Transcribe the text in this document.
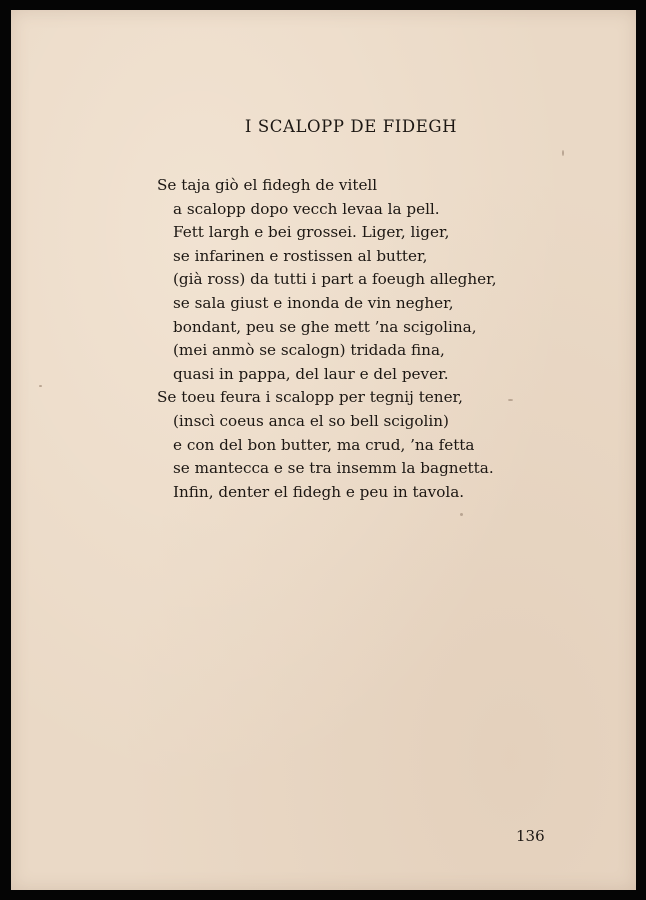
I SCALOPP DE FIDEGH
Se taja giò el fidegh de vitell
a scalopp dopo vecch levaa la pell.
Fett largh e bei grossei. Liger, liger,
se infarinen e rostissen al butter,
(già ross) da tutti i part a foeugh allegher,
se sala giust e inonda de vin negher,
bondant, peu se ghe mett ’na scigolina,
(mei anmò se scalogn) tridada fina,
quasi in pappa, del laur e del pever.
Se toeu feura i scalopp per tegnij tener,
(inscì coeus anca el so bell scigolin)
e con del bon butter, ma crud, ’na fetta
se mantecca e se tra insemm la bagnetta.
Infin, denter el fidegh e peu in tavola.
136
